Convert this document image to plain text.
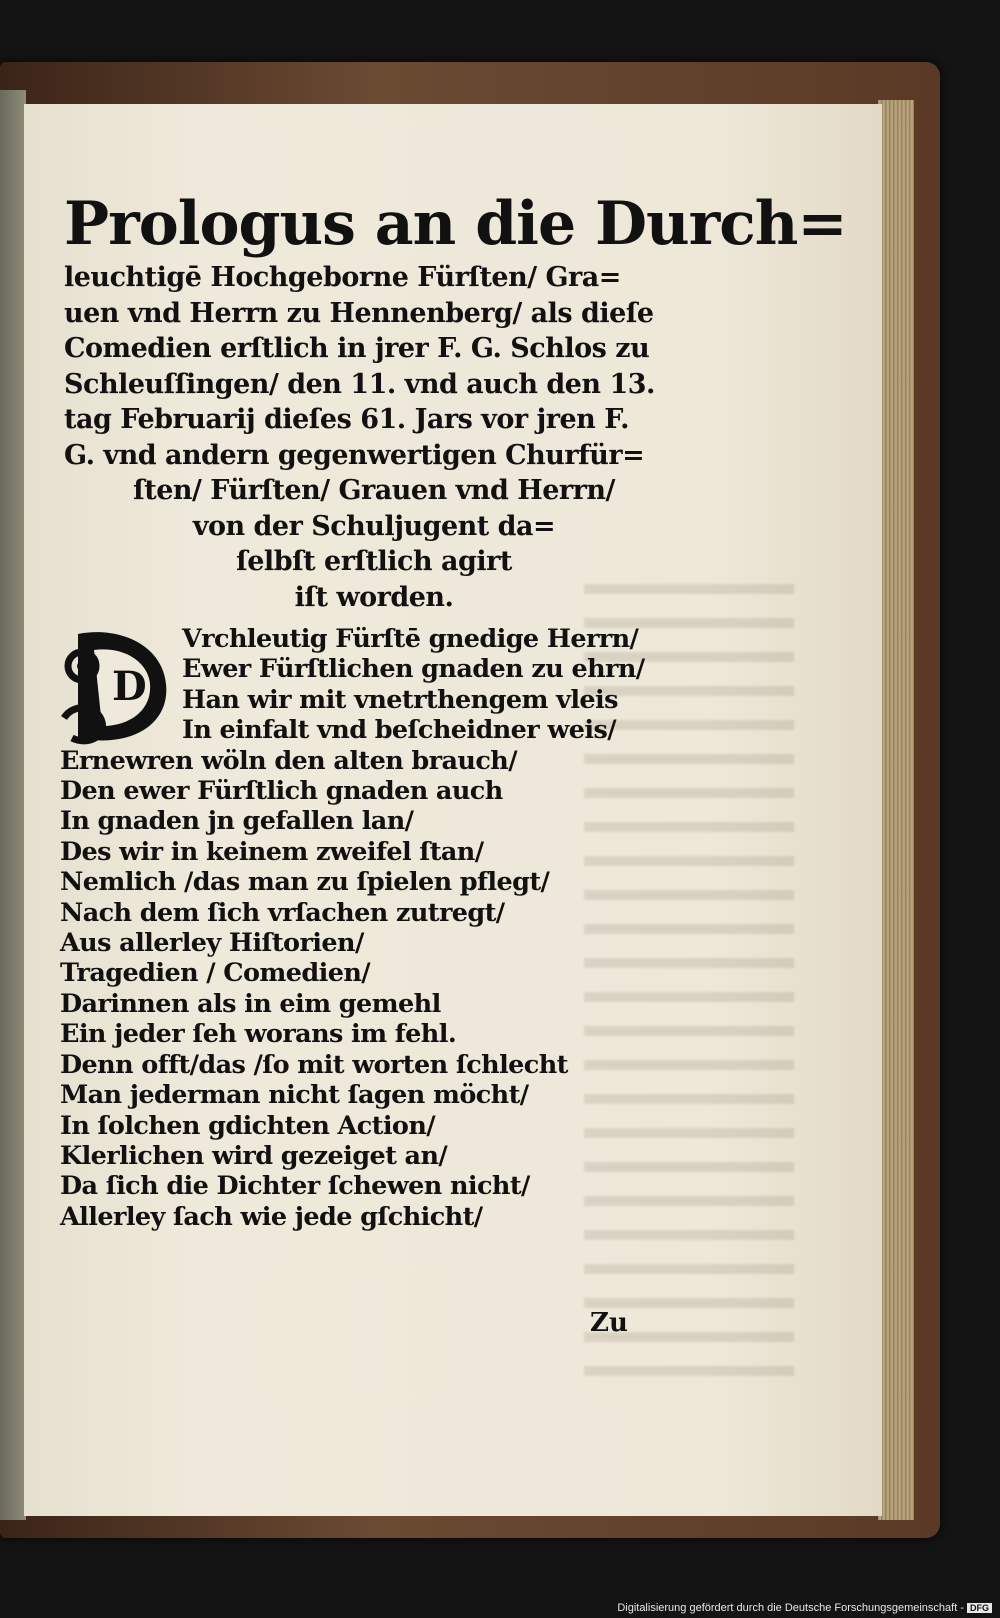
Prologus an die Durch=
leuchtigē Hochgeborne Fürſten/ Gra=
uen vnd Herrn zu Hennenberg/ als dieſe
Comedien erſtlich in jrer F. G. Schlos zu
Schleuſſingen/ den 11. vnd auch den 13.
tag Februarij dieſes 61. Jars vor jren F.
G. vnd andern gegenwertigen Churfür=
ſten/ Fürſten/ Grauen vnd Herrn/
von der Schuljugent da=
ſelbſt erſtlich agirt
iſt worden.
D
Vrchleutig Fürſtē gnedige Herrn/
Ewer Fürſtlichen gnaden zu ehrn/
Han wir mit vnetrthengem vleis
In einfalt vnd beſcheidner weis/
Ernewren wöln den alten brauch/
Den ewer Fürſtlich gnaden auch
In gnaden jn gefallen lan/
Des wir in keinem zweifel ſtan/
Nemlich /das man zu ſpielen pflegt/
Nach dem ſich vrſachen zutregt/
Aus allerley Hiſtorien/
Tragedien / Comedien/
Darinnen als in eim gemehl
Ein jeder ſeh worans im fehl.
Denn offt/das /ſo mit worten ſchlecht
Man jederman nicht ſagen möcht/
In ſolchen gdichten Action/
Klerlichen wird gezeiget an/
Da ſich die Dichter ſchewen nicht/
Allerley ſach wie jede gſchicht/
Zu
Digitalisierung gefördert durch die Deutsche Forschungsgemeinschaft - DFG
